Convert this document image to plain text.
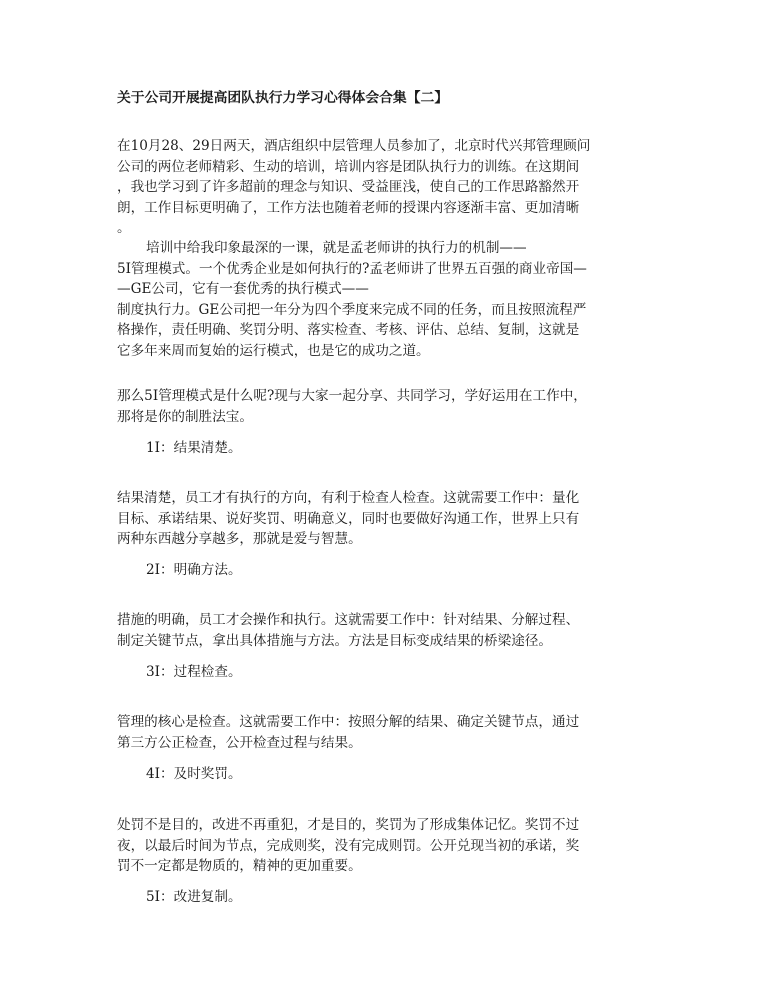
关于公司开展提高团队执行力学习心得体会合集【二】
在10月28、29日两天，酒店组织中层管理人员参加了，北京时代兴邦管理顾问
公司的两位老师精彩、生动的培训，培训内容是团队执行力的训练。在这期间
，我也学习到了许多超前的理念与知识、受益匪浅，使自己的工作思路豁然开
朗，工作目标更明确了，工作方法也随着老师的授课内容逐渐丰富、更加清晰
。
培训中给我印象最深的一课，就是孟老师讲的执行力的机制——
5I管理模式。一个优秀企业是如何执行的?孟老师讲了世界五百强的商业帝国—
—GE公司，它有一套优秀的执行模式——
制度执行力。GE公司把一年分为四个季度来完成不同的任务，而且按照流程严
格操作，责任明确、奖罚分明、落实检查、考核、评估、总结、复制，这就是
它多年来周而复始的运行模式，也是它的成功之道。
那么5I管理模式是什么呢?现与大家一起分享、共同学习，学好运用在工作中，
那将是你的制胜法宝。
1I：结果清楚。
结果清楚，员工才有执行的方向，有利于检查人检查。这就需要工作中：量化
目标、承诺结果、说好奖罚、明确意义，同时也要做好沟通工作，世界上只有
两种东西越分享越多，那就是爱与智慧。
2I：明确方法。
措施的明确，员工才会操作和执行。这就需要工作中：针对结果、分解过程、
制定关键节点，拿出具体措施与方法。方法是目标变成结果的桥梁途径。
3I：过程检查。
管理的核心是检查。这就需要工作中：按照分解的结果、确定关键节点，通过
第三方公正检查，公开检查过程与结果。
4I：及时奖罚。
处罚不是目的，改进不再重犯，才是目的，奖罚为了形成集体记忆。奖罚不过
夜，以最后时间为节点，完成则奖，没有完成则罚。公开兑现当初的承诺，奖
罚不一定都是物质的，精神的更加重要。
5I：改进复制。
